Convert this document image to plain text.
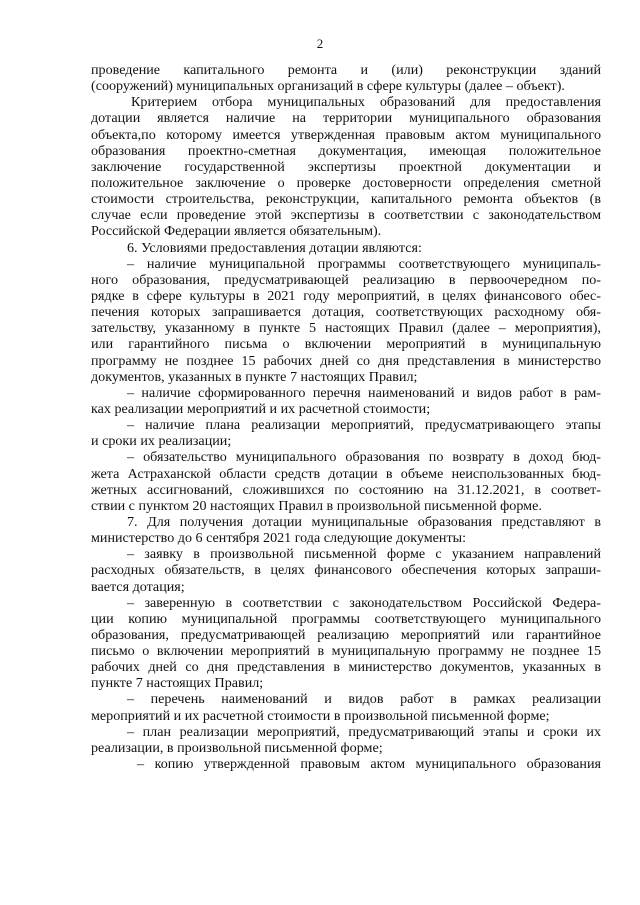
2
проведение капитального ремонта и (или) реконструкции зданий
(сооружений) муниципальных организаций в сфере культуры (далее – объект).
Критерием отбора муниципальных образований для предоставления
дотации является наличие на территории муниципального образования
объекта,по которому имеется утвержденная правовым актом муниципального
образования проектно-сметная документация, имеющая положительное
заключение государственной экспертизы проектной документации и
положительное заключение о проверке достоверности определения сметной
стоимости строительства, реконструкции, капитального ремонта объектов (в
случае если проведение этой экспертизы в соответствии с законодательством
Российской Федерации является обязательным).
6. Условиями предоставления дотации являются:
– наличие муниципальной программы соответствующего муниципаль-
ного образования, предусматривающей реализацию в первоочередном по-
рядке в сфере культуры в 2021 году мероприятий, в целях финансового обес-
печения которых запрашивается дотация, соответствующих расходному обя-
зательству, указанному в пункте 5 настоящих Правил (далее – мероприятия),
или гарантийного письма о включении мероприятий в муниципальную
программу не позднее 15 рабочих дней со дня представления в министерство
документов, указанных в пункте 7 настоящих Правил;
– наличие сформированного перечня наименований и видов работ в рам-
ках реализации мероприятий и их расчетной стоимости;
– наличие плана реализации мероприятий, предусматривающего этапы
и сроки их реализации;
– обязательство муниципального образования по возврату в доход бюд-
жета Астраханской области средств дотации в объеме неиспользованных бюд-
жетных ассигнований, сложившихся по состоянию на 31.12.2021, в соответ-
ствии с пунктом 20 настоящих Правил в произвольной письменной форме.
7. Для получения дотации муниципальные образования представляют в
министерство до 6 сентября 2021 года следующие документы:
– заявку в произвольной письменной форме с указанием направлений
расходных обязательств, в целях финансового обеспечения которых запраши-
вается дотация;
– заверенную в соответствии с законодательством Российской Федера-
ции копию муниципальной программы соответствующего муниципального
образования, предусматривающей реализацию мероприятий или гарантийное
письмо о включении мероприятий в муниципальную программу не позднее 15
рабочих дней со дня представления в министерство документов, указанных в
пункте 7 настоящих Правил;
– перечень наименований и видов работ в рамках реализации
мероприятий и их расчетной стоимости в произвольной письменной форме;
– план реализации мероприятий, предусматривающий этапы и сроки их
реализации, в произвольной письменной форме;
– копию утвержденной правовым актом муниципального образования
